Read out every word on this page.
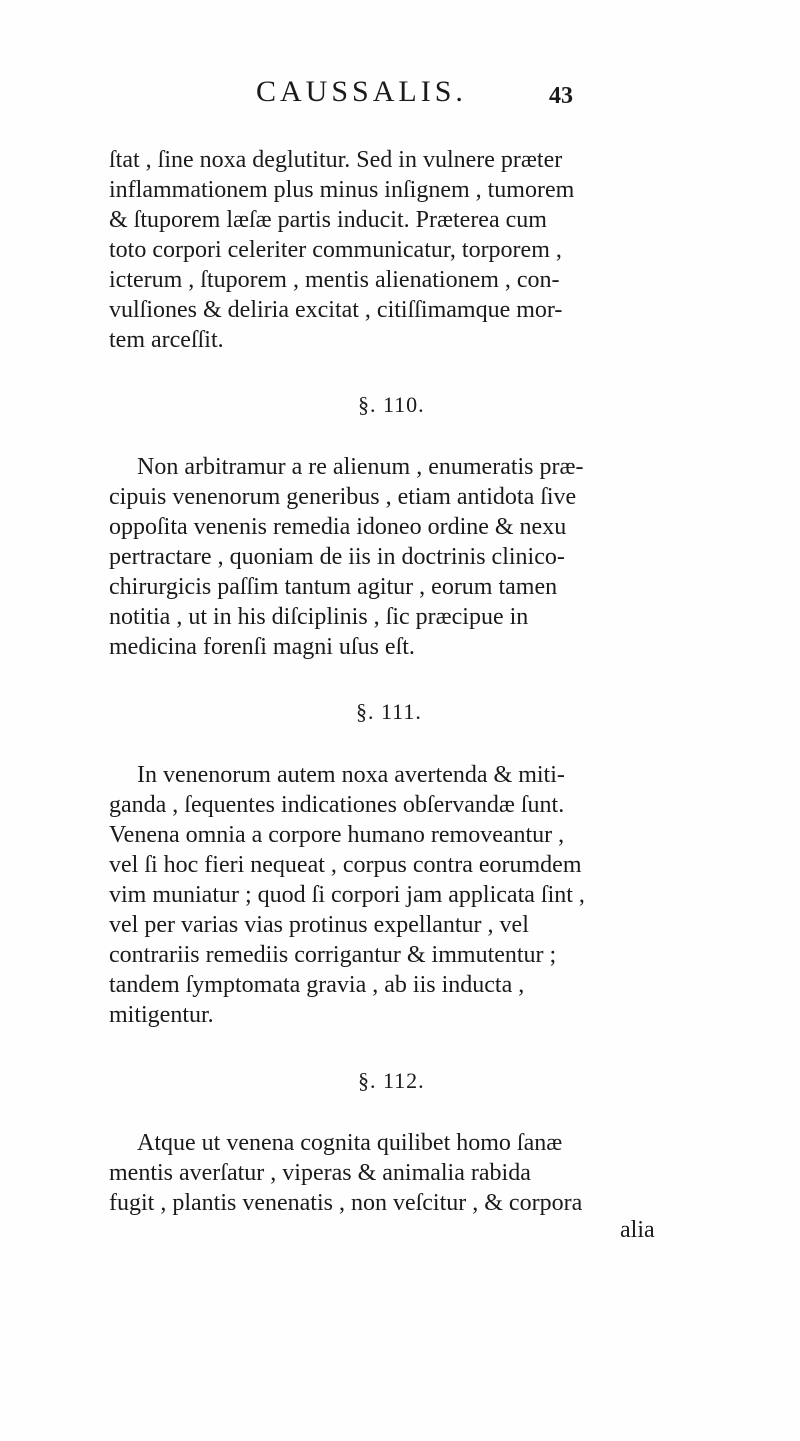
CAUSSALIS.	43
ſtat , ſine noxa deglutitur. Sed in vulnere præter
inflammationem plus minus inſignem , tumorem
& ſtuporem læſæ partis inducit. Præterea cum
toto corpori celeriter communicatur, torporem ,
icterum , ſtuporem , mentis alienationem , con-
vulſiones & deliria excitat , citiſſimamque mor-
tem arceſſit.
§. 110.
Non arbitramur a re alienum , enumeratis præ-
cipuis venenorum generibus , etiam antidota ſive
oppoſita venenis remedia idoneo ordine & nexu
pertractare , quoniam de iis in doctrinis clinico-
chirurgicis paſſim tantum agitur , eorum tamen
notitia , ut in his diſciplinis , ſic præcipue in
medicina forenſi magni uſus eſt.
§. 111.
In venenorum autem noxa avertenda & miti-
ganda , ſequentes indicationes obſervandæ ſunt.
Venena omnia a corpore humano removeantur ,
vel ſi hoc fieri nequeat , corpus contra eorumdem
vim muniatur ; quod ſi corpori jam applicata ſint ,
vel per varias vias protinus expellantur , vel
contrariis remediis corrigantur & immutentur ;
tandem ſymptomata gravia , ab iis inducta ,
mitigentur.
§. 112.
Atque ut venena cognita quilibet homo ſanæ
mentis averſatur , viperas & animalia rabida
fugit , plantis venenatis , non veſcitur , & corpora
alia
